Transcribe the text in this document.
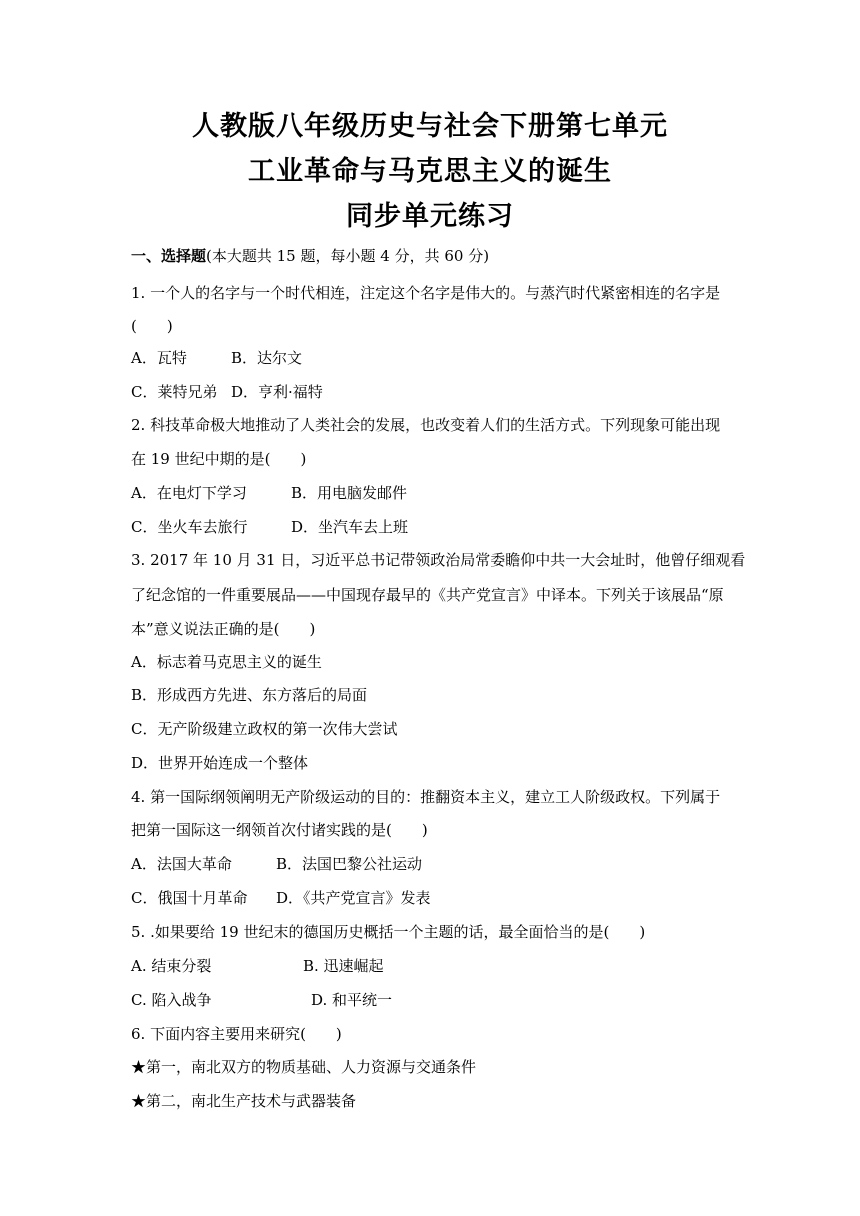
人教版八年级历史与社会下册第七单元
工业革命与马克思主义的诞生
同步单元练习
一、选择题(本大题共 15 题，每小题 4 分，共 60 分)
1. 一个人的名字与一个时代相连，注定这个名字是伟大的。与蒸汽时代紧密相连的名字是
(　　)
A．瓦特	B．达尔文
C．莱特兄弟 D．亨利·福特
2. 科技革命极大地推动了人类社会的发展，也改变着人们的生活方式。下列现象可能出现
在 19 世纪中期的是(　　)
A．在电灯下学习	B．用电脑发邮件
C．坐火车去旅行	D．坐汽车去上班
3. 2017 年 10 月 31 日，习近平总书记带领政治局常委瞻仰中共一大会址时，他曾仔细观看
了纪念馆的一件重要展品——中国现存最早的《共产党宣言》中译本。下列关于该展品“原
本”意义说法正确的是(　　)
A．标志着马克思主义的诞生
B．形成西方先进、东方落后的局面
C．无产阶级建立政权的第一次伟大尝试
D．世界开始连成一个整体
4. 第一国际纲领阐明无产阶级运动的目的：推翻资本主义，建立工人阶级政权。下列属于
把第一国际这一纲领首次付诸实践的是(　　)
A．法国大革命	B．法国巴黎公社运动
C．俄国十月革命 D．《共产党宣言》发表
5. .如果要给 19 世纪末的德国历史概括一个主题的话，最全面恰当的是(　　)
A. 结束分裂	B. 迅速崛起
C. 陷入战争	D. 和平统一
6. 下面内容主要用来研究(　　)
★第一，南北双方的物质基础、人力资源与交通条件
★第二，南北生产技术与武器装备
